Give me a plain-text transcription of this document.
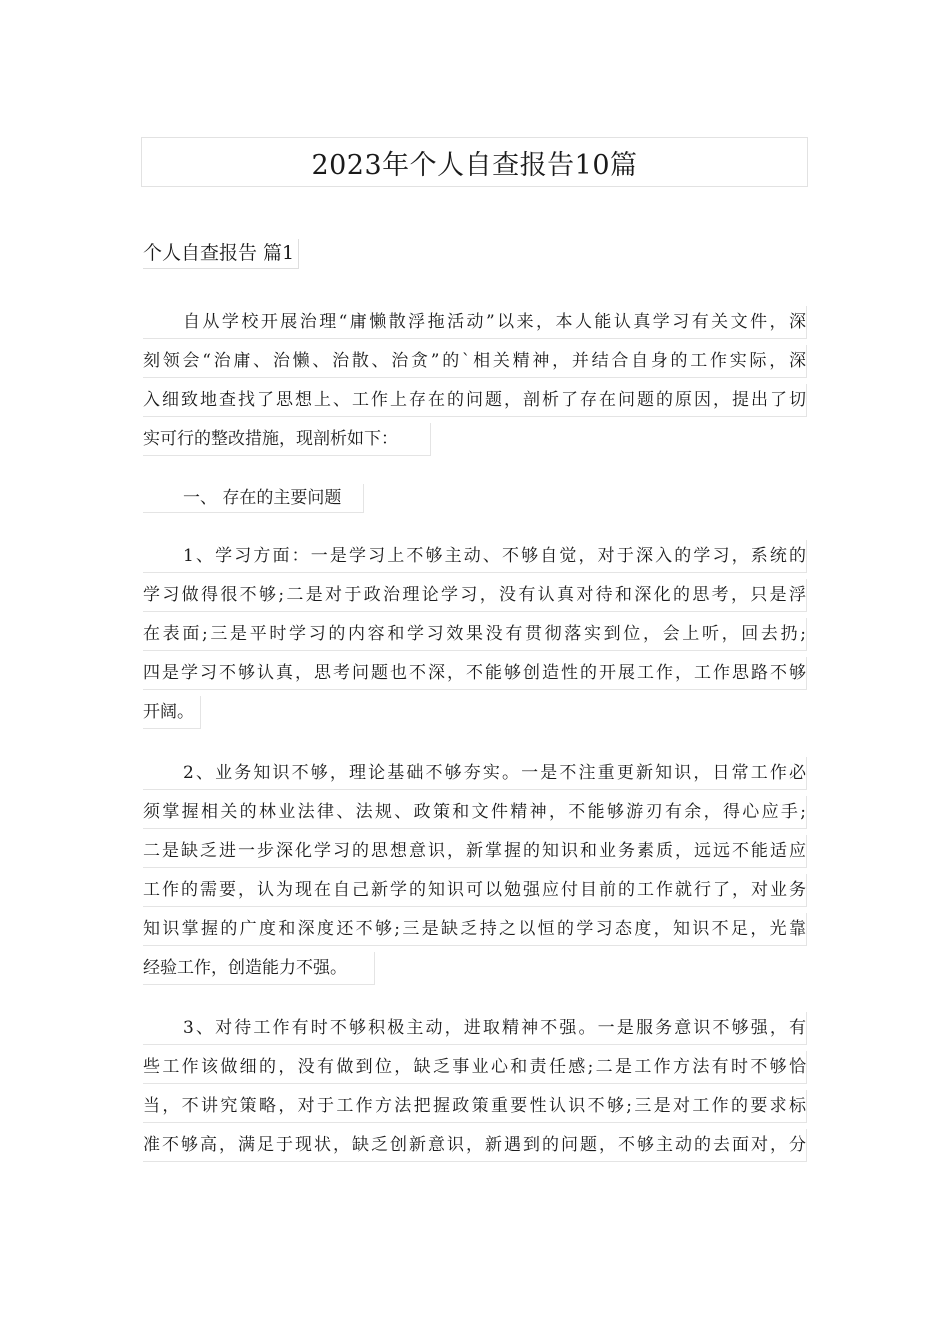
2023年个人自查报告10篇
个人自查报告 篇1
自从学校开展治理“庸懒散浮拖活动”以来，本人能认真学习有关文件，深
刻领会“治庸、治懒、治散、治贪”的`相关精神，并结合自身的工作实际，深
入细致地查找了思想上、工作上存在的问题，剖析了存在问题的原因，提出了切
实可行的整改措施，现剖析如下：
一、 存在的主要问题
1、学习方面：一是学习上不够主动、不够自觉，对于深入的学习，系统的
学习做得很不够;二是对于政治理论学习，没有认真对待和深化的思考，只是浮
在表面;三是平时学习的内容和学习效果没有贯彻落实到位，会上听，回去扔;
四是学习不够认真，思考问题也不深，不能够创造性的开展工作，工作思路不够
开阔。
2、业务知识不够，理论基础不够夯实。一是不注重更新知识，日常工作必
须掌握相关的林业法律、法规、政策和文件精神，不能够游刃有余，得心应手;
二是缺乏进一步深化学习的思想意识，新掌握的知识和业务素质，远远不能适应
工作的需要，认为现在自己新学的知识可以勉强应付目前的工作就行了，对业务
知识掌握的广度和深度还不够;三是缺乏持之以恒的学习态度，知识不足，光靠
经验工作，创造能力不强。
3、对待工作有时不够积极主动，进取精神不强。一是服务意识不够强，有
些工作该做细的，没有做到位，缺乏事业心和责任感;二是工作方法有时不够恰
当，不讲究策略，对于工作方法把握政策重要性认识不够;三是对工作的要求标
准不够高，满足于现状，缺乏创新意识，新遇到的问题，不够主动的去面对，分
